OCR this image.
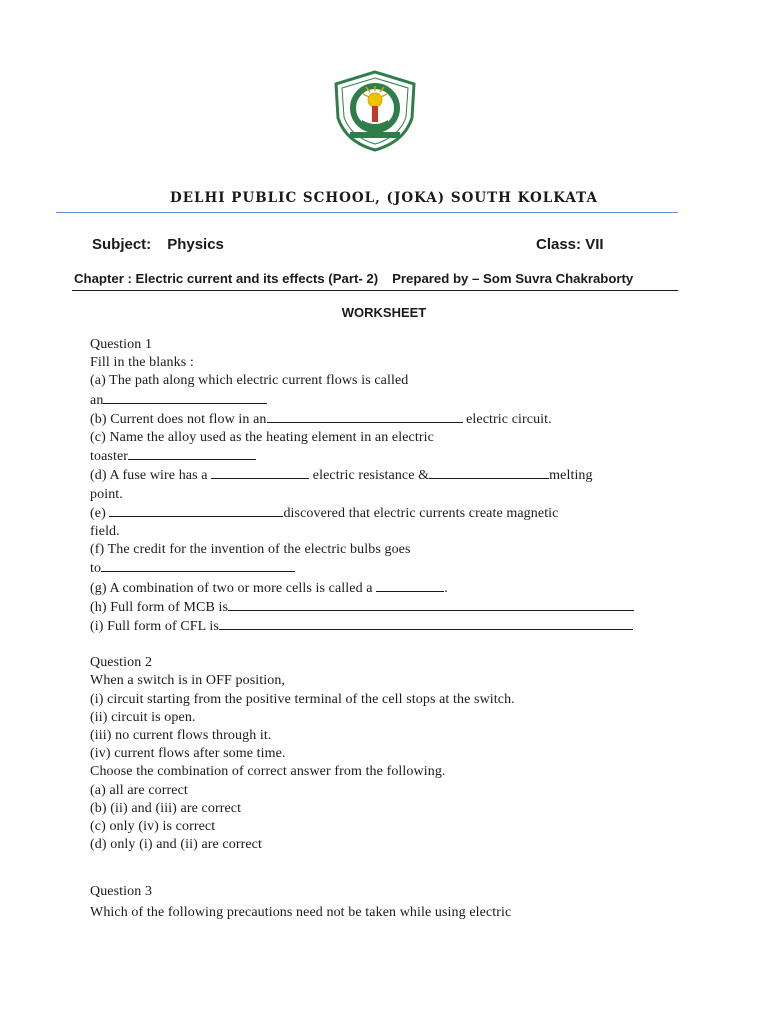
DELHI PUBLIC SCHOOL, (JOKA) SOUTH KOLKATA
Subject: Physics	Class: VII
Chapter : Electric current and its effects (Part- 2) Prepared by – Som Suvra Chakraborty
WORKSHEET
Question 1
Fill in the blanks :
(a) The path along which electric current flows is called
an
(b) Current does not flow in an	electric circuit.
(c) Name the alloy used as the heating element in an electric
toaster
(d) A fuse wire has a	electric resistance &	melting
point.
(e)	discovered that electric currents create magnetic
field.
(f) The credit for the invention of the electric bulbs goes
to
(g) A combination of two or more cells is called a	.
(h) Full form of MCB is
(i) Full form of CFL is
Question 2
When a switch is in OFF position,
(i) circuit starting from the positive terminal of the cell stops at the switch.
(ii) circuit is open.
(iii) no current flows through it.
(iv) current flows after some time.
Choose the combination of correct answer from the following.
(a) all are correct
(b) (ii) and (iii) are correct
(c) only (iv) is correct
(d) only (i) and (ii) are correct
Question 3
Which of the following precautions need not be taken while using electric
